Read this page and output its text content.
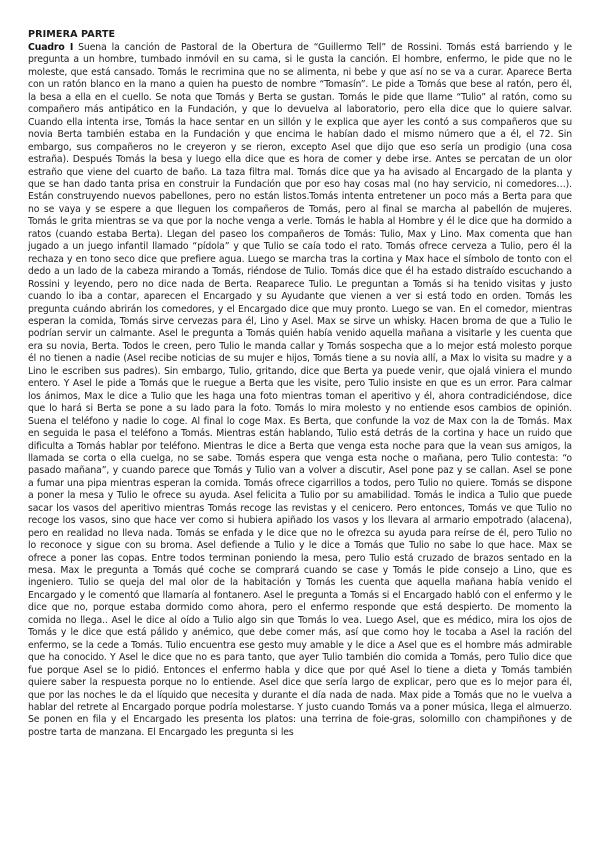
PRIMERA PARTE

Cuadro I Suena la canción de Pastoral de la Obertura de “Guillermo Tell” de Rossini. Tomás está barriendo y le pregunta a un hombre, tumbado inmóvil en su cama, si le gusta la canción. El hombre, enfermo, le pide que no le moleste, que está cansado. Tomás le recrimina que no se alimenta, ni bebe y que así no se va a curar. Aparece Berta con un ratón blanco en la mano a quien ha puesto de nombre “Tomasín”. Le pide a Tomás que bese al ratón, pero él, la besa a ella en el cuello. Se nota que Tomás y Berta se gustan. Tomás le pide que llame “Tulio” al ratón, como su compañero más antipático en la Fundación, y que lo devuelva al laboratorio, pero ella dice que lo quiere salvar. Cuando ella intenta irse, Tomás la hace sentar en un sillón y le explica que ayer les contó a sus compañeros que su novia Berta también estaba en la Fundación y que encima le habían dado el mismo número que a él, el 72. Sin embargo, sus compañeros no le creyeron y se rieron, excepto Asel que dijo que eso sería un prodigio (una cosa estraña). Después Tomás la besa y luego ella dice que es hora de comer y debe irse. Antes se percatan de un olor estraño que viene del cuarto de baño. La taza filtra mal. Tomás dice que ya ha avisado al Encargado de la planta y que se han dado tanta prisa en construir la Fundación que por eso hay cosas mal (no hay servicio, ni comedores…). Están construyendo nuevos pabellones, pero no están listos.Tomás intenta entretener un poco más a Berta para que no se vaya y se espere a que lleguen los compañeros de Tomás, pero al final se marcha al pabellón de mujeres. Tomás le grita mientras se va que por la noche venga a verle. Tomás le habla al Hombre y él le dice que ha dormido a ratos (cuando estaba Berta). Llegan del paseo los compañeros de Tomás: Tulio, Max y Lino. Max comenta que han jugado a un juego infantil llamado “pídola” y que Tulio se caía todo el rato. Tomás ofrece cerveza a Tulio, pero él la rechaza y en tono seco dice que prefiere agua. Luego se marcha tras la cortina y Max hace el símbolo de tonto con el dedo a un lado de la cabeza mirando a Tomás, riéndose de Tulio. Tomás dice que él ha estado distraído escuchando a Rossini y leyendo, pero no dice nada de Berta. Reaparece Tulio. Le preguntan a Tomás si ha tenido visitas y justo cuando lo iba a contar, aparecen el Encargado y su Ayudante que vienen a ver si está todo en orden. Tomás les pregunta cuándo abrirán los comedores, y el Encargado dice que muy pronto. Luego se van. En el comedor, mientras esperan la comida, Tomás sirve cervezas para él, Lino y Asel. Max se sirve un whisky. Hacen broma de que a Tulio le podrían servir un calmante. Asel le pregunta a Tomás quién había venido aquella mañana a visitarle y les cuenta que era su novia, Berta. Todos le creen, pero Tulio le manda callar y Tomás sospecha que a lo mejor está molesto porque él no tienen a nadie (Asel recibe noticias de su mujer e hijos, Tomás tiene a su novia allí, a Max lo visita su madre y a Lino le escriben sus padres). Sin embargo, Tulio, gritando, dice que Berta ya puede venir, que ojalá viniera el mundo entero. Y Asel le pide a Tomás que le ruegue a Berta que les visite, pero Tulio insiste en que es un error. Para calmar los ánimos, Max le dice a Tulio que les haga una foto mientras toman el aperitivo y él, ahora contradiciéndose, dice que lo hará si Berta se pone a su lado para la foto. Tomás lo mira molesto y no entiende esos cambios de opinión. Suena el teléfono y nadie lo coge. Al final lo coge Max. Es Berta, que confunde la voz de Max con la de Tomás. Max en seguida le pasa el teléfono a Tomás. Mientras están hablando, Tulio está detrás de la cortina y hace un ruido que dificulta a Tomás hablar por teléfono. Mientras le dice a Berta que venga esta noche para que la vean sus amigos, la llamada se corta o ella cuelga, no se sabe. Tomás espera que venga esta noche o mañana, pero Tulio contesta: “o pasado mañana”, y cuando parece que Tomás y Tulio van a volver a discutir, Asel pone paz y se callan. Asel se pone a fumar una pipa mientras esperan la comida. Tomás ofrece cigarrillos a todos, pero Tulio no quiere. Tomás se dispone a poner la mesa y Tulio le ofrece su ayuda. Asel felicita a Tulio por su amabilidad. Tomás le indica a Tulio que puede sacar los vasos del aperitivo mientras Tomás recoge las revistas y el cenicero. Pero entonces, Tomás ve que Tulio no recoge los vasos, sino que hace ver como si hubiera apiñado los vasos y los llevara al armario empotrado (alacena), pero en realidad no lleva nada. Tomás se enfada y le dice que no le ofrezca su ayuda para reírse de él, pero Tulio no lo reconoce y sigue con su broma. Asel defiende a Tulio y le dice a Tomás que Tulio no sabe lo que hace. Max se ofrece a poner las copas. Entre todos terminan poniendo la mesa, pero Tulio está cruzado de brazos sentado en la mesa. Max le pregunta a Tomás qué coche se comprará cuando se case y Tomás le pide consejo a Lino, que es ingeniero. Tulio se queja del mal olor de la habitación y Tomás les cuenta que aquella mañana había venido el Encargado y le comentó que llamaría al fontanero. Asel le pregunta a Tomás si el Encargado habló con el enfermo y le dice que no, porque estaba dormido como ahora, pero el enfermo responde que está despierto. De momento la comida no llega.. Asel le dice al oído a Tulio algo sin que Tomás lo vea. Luego Asel, que es médico, mira los ojos de Tomás y le dice que está pálido y anémico, que debe comer más, así que como hoy le tocaba a Asel la ración del enfermo, se la cede a Tomás. Tulio encuentra ese gesto muy amable y le dice a Asel que es el hombre más admirable que ha conocido. Y Asel le dice que no es para tanto, que ayer Tulio también dio comida a Tomás, pero Tulio dice que fue porque Asel se lo pidió. Entonces el enfermo habla y dice que por qué Asel lo tiene a dieta y Tomás también quiere saber la respuesta porque no lo entiende. Asel dice que sería largo de explicar, pero que es lo mejor para él, que por las noches le da el líquido que necesita y durante el día nada de nada. Max pide a Tomás que no le vuelva a hablar del retrete al Encargado porque podría molestarse. Y justo cuando Tomás va a poner música, llega el almuerzo. Se ponen en fila y el Encargado les presenta los platos: una terrina de foie-gras, solomillo con champiñones y de postre tarta de manzana. El Encargado les pregunta si les
